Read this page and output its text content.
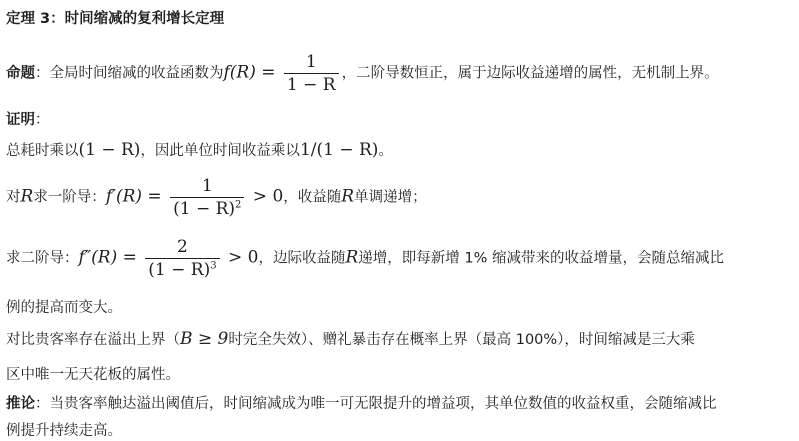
定理 3：时间缩减的复利增长定理
命题：全局时间缩减的收益函数为$f(R) = \frac{1}{1 - R}$ ，二阶导数恒正，属于边际收益递增的属性，无机制上界。
证明：
总耗时乘以(1 − R)，因此单位时间收益乘以1/(1 − R)。
对R求一阶导：$f'(R) = \frac{1}{(1 - R)^2} > 0$，收益随R单调递增；
求二阶导：$f''(R) = \frac{2}{(1 - R)^3} > 0$，边际收益随R递增，即每新增 1% 缩减带来的收益增量，会随总缩减比
例的提高而变大。
对比贵客率存在溢出上界（B ≥ 9时完全失效）、赠礼暴击存在概率上界（最高 100%），时间缩减是三大乘
区中唯一无天花板的属性。
推论：当贵客率触达溢出阈值后，时间缩减成为唯一可无限提升的增益项，其单位数值的收益权重，会随缩减比
例提升持续走高。
